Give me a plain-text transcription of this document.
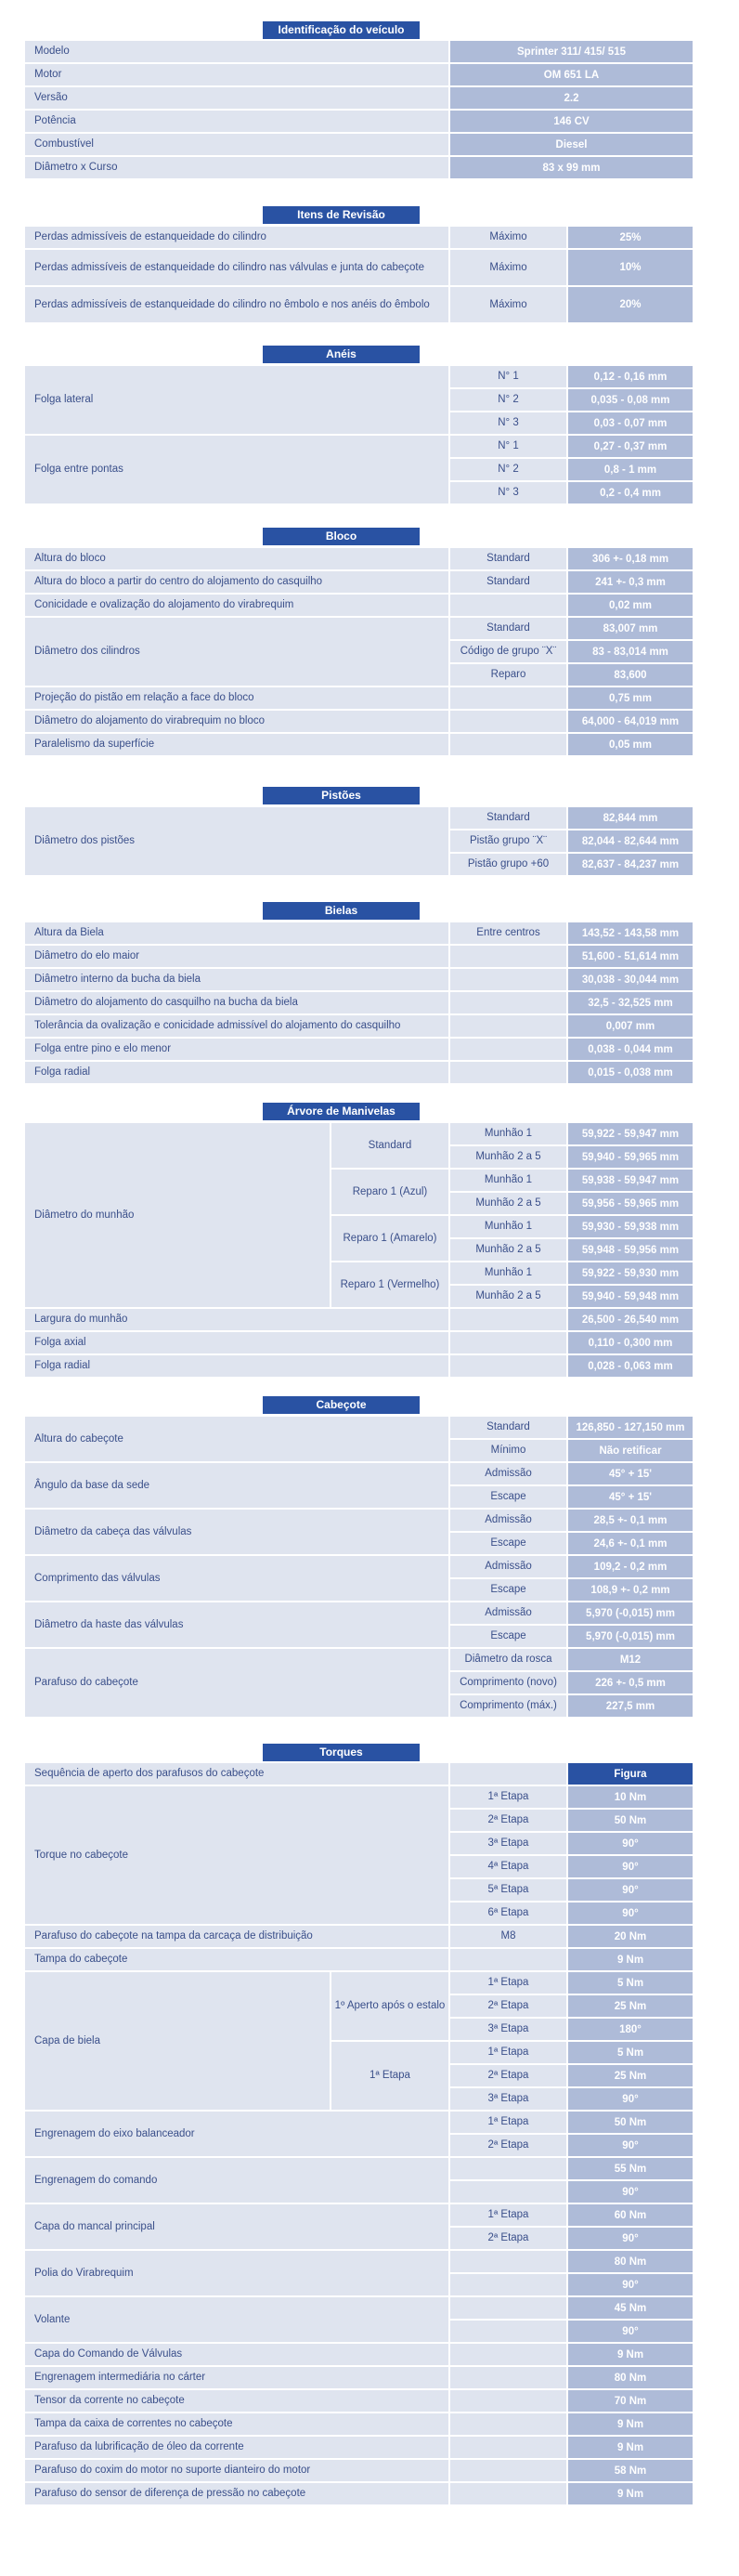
Identificação do veículo
Sprinter 311/ 415/ 515
OM 651 LA
2.2
146 CV
Diesel
83 x 99 mm
Modelo
Motor
Versão
Potência
Combustível
Diâmetro x Curso
Itens de Revisão
25%
10%
20%
Máximo
Máximo
Máximo
Perdas admissíveis de estanqueidade do cilindro
Perdas admissíveis de estanqueidade do cilindro nas válvulas e junta do cabeçote
Perdas admissíveis de estanqueidade do cilindro no êmbolo e nos anéis do êmbolo
Anéis
0,12 - 0,16 mm
0,035 - 0,08 mm
0,03 - 0,07 mm
0,27 - 0,37 mm
0,8 - 1 mm
0,2 - 0,4 mm
N° 1
N° 2
N° 3
N° 1
N° 2
N° 3
Folga lateral
Folga entre pontas
Bloco
306 +- 0,18 mm
241 +- 0,3 mm
0,02 mm
83,007 mm
83 - 83,014 mm
83,600
0,75 mm
64,000 - 64,019 mm
0,05 mm
Standard
Standard
Standard
Código de grupo ¨X¨
Reparo
Altura do bloco
Altura do bloco a partir do centro do alojamento do casquilho
Conicidade e ovalização do alojamento do virabrequim
Diâmetro dos cilindros
Projeção do pistão em relação a face do bloco
Diâmetro do alojamento do virabrequim no bloco
Paralelismo da superfície
Pistões
82,844 mm
82,044 - 82,644 mm
82,637 - 84,237 mm
Standard
Pistão grupo ¨X¨
Pistão grupo +60
Diâmetro dos pistões
Bielas
143,52 - 143,58 mm
51,600 - 51,614 mm
30,038 - 30,044 mm
32,5 - 32,525 mm
0,007 mm
0,038 - 0,044 mm
0,015 - 0,038 mm
Entre centros
Altura da Biela
Diâmetro do elo maior
Diâmetro interno da bucha da biela
Diâmetro do alojamento do casquilho na bucha da biela
Tolerância da ovalização e conicidade admissível do alojamento do casquilho
Folga entre pino e elo menor
Folga radial
Árvore de Manivelas
59,922 - 59,947 mm
59,940 - 59,965 mm
59,938 - 59,947 mm
59,956 - 59,965 mm
59,930 - 59,938 mm
59,948 - 59,956 mm
59,922 - 59,930 mm
59,940 - 59,948 mm
26,500 - 26,540 mm
0,110 - 0,300 mm
0,028 - 0,063 mm
Munhão 1
Munhão 2 a 5
Munhão 1
Munhão 2 a 5
Munhão 1
Munhão 2 a 5
Munhão 1
Munhão 2 a 5
Diâmetro do munhão
Largura do munhão
Folga axial
Folga radial
Standard
Reparo 1 (Azul)
Reparo 1 (Amarelo)
Reparo 1 (Vermelho)
Cabeçote
126,850 - 127,150 mm
Não retificar
45° + 15'
45° + 15'
28,5 +- 0,1 mm
24,6 +- 0,1 mm
109,2 - 0,2 mm
108,9 +- 0,2 mm
5,970 (-0,015) mm
5,970 (-0,015) mm
M12
226 +- 0,5 mm
227,5 mm
Standard
Mínimo
Admissão
Escape
Admissão
Escape
Admissão
Escape
Admissão
Escape
Diâmetro da rosca
Comprimento (novo)
Comprimento (máx.)
Altura do cabeçote
Ângulo da base da sede
Diâmetro da cabeça das válvulas
Comprimento das válvulas
Diâmetro da haste das válvulas
Parafuso do cabeçote
Torques
Figura
10 Nm
50 Nm
90°
90°
90°
90°
20 Nm
9 Nm
5 Nm
25 Nm
180°
5 Nm
25 Nm
90°
50 Nm
90°
55 Nm
90°
60 Nm
90°
80 Nm
90°
45 Nm
90°
9 Nm
80 Nm
70 Nm
9 Nm
9 Nm
58 Nm
9 Nm
1ª Etapa
2ª Etapa
3ª Etapa
4ª Etapa
5ª Etapa
6ª Etapa
M8
1ª Etapa
2ª Etapa
3ª Etapa
1ª Etapa
2ª Etapa
3ª Etapa
1ª Etapa
2ª Etapa
1ª Etapa
2ª Etapa
Sequência de aperto dos parafusos do cabeçote
Torque no cabeçote
Parafuso do cabeçote na tampa da carcaça de distribuição
Tampa do cabeçote
Capa de biela
Engrenagem do eixo balanceador
Engrenagem do comando
Capa do mancal principal
Polia do Virabrequim
Volante
Capa do Comando de Válvulas
Engrenagem intermediária no cárter
Tensor da corrente no cabeçote
Tampa da caixa de correntes no cabeçote
Parafuso da lubrificação de óleo da corrente
Parafuso do coxim do motor no suporte dianteiro do motor
Parafuso do sensor de diferença de pressão no cabeçote
1º Aperto após o estalo
1ª Etapa
